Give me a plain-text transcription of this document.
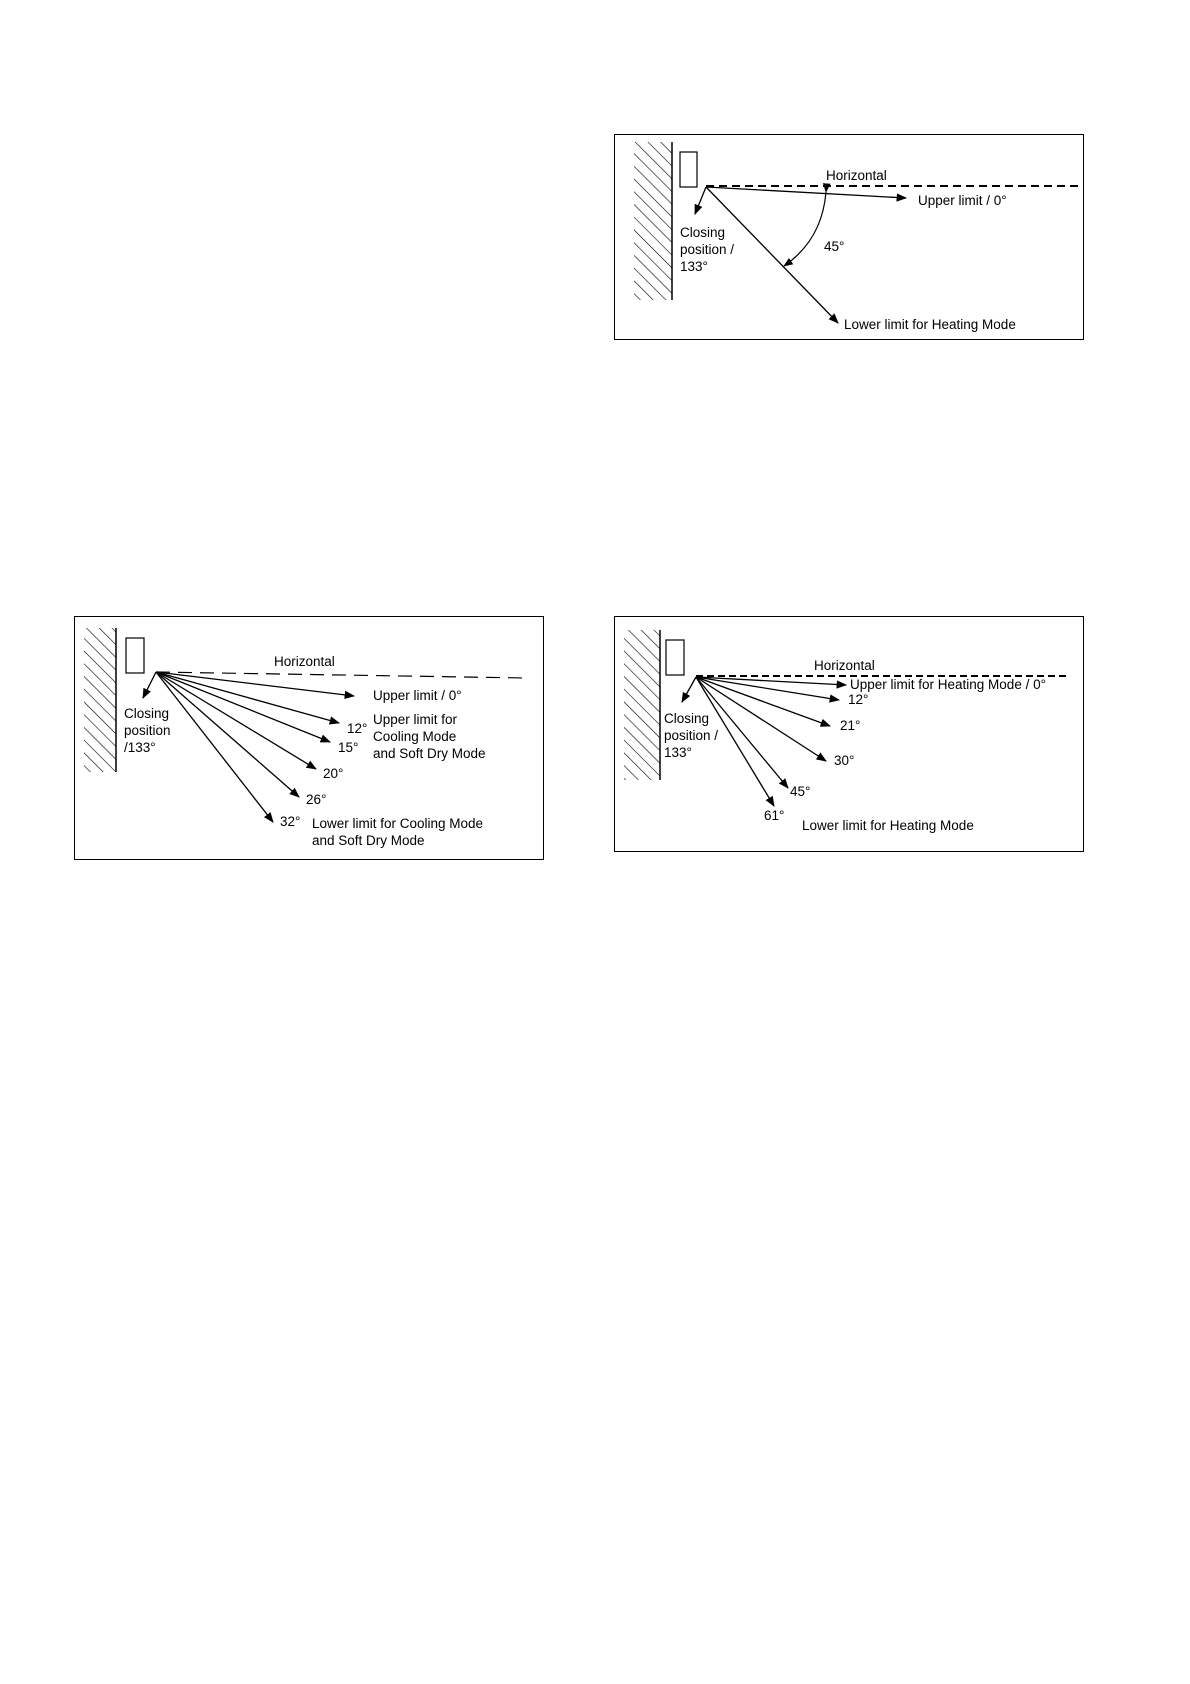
Horizontal
Upper limit / 0°
Closing
position /
133°
45°
Lower limit for Heating Mode
Horizontal
Upper limit / 0°
Closing
position
/133°
12°
15°
20°
26°
32°
Upper limit for
Cooling Mode
and Soft Dry Mode
Lower limit for Cooling Mode
and Soft Dry Mode
Horizontal
Upper limit for Heating Mode / 0°
Closing
position /
133°
12°
21°
30°
45°
61°
Lower limit for Heating Mode
